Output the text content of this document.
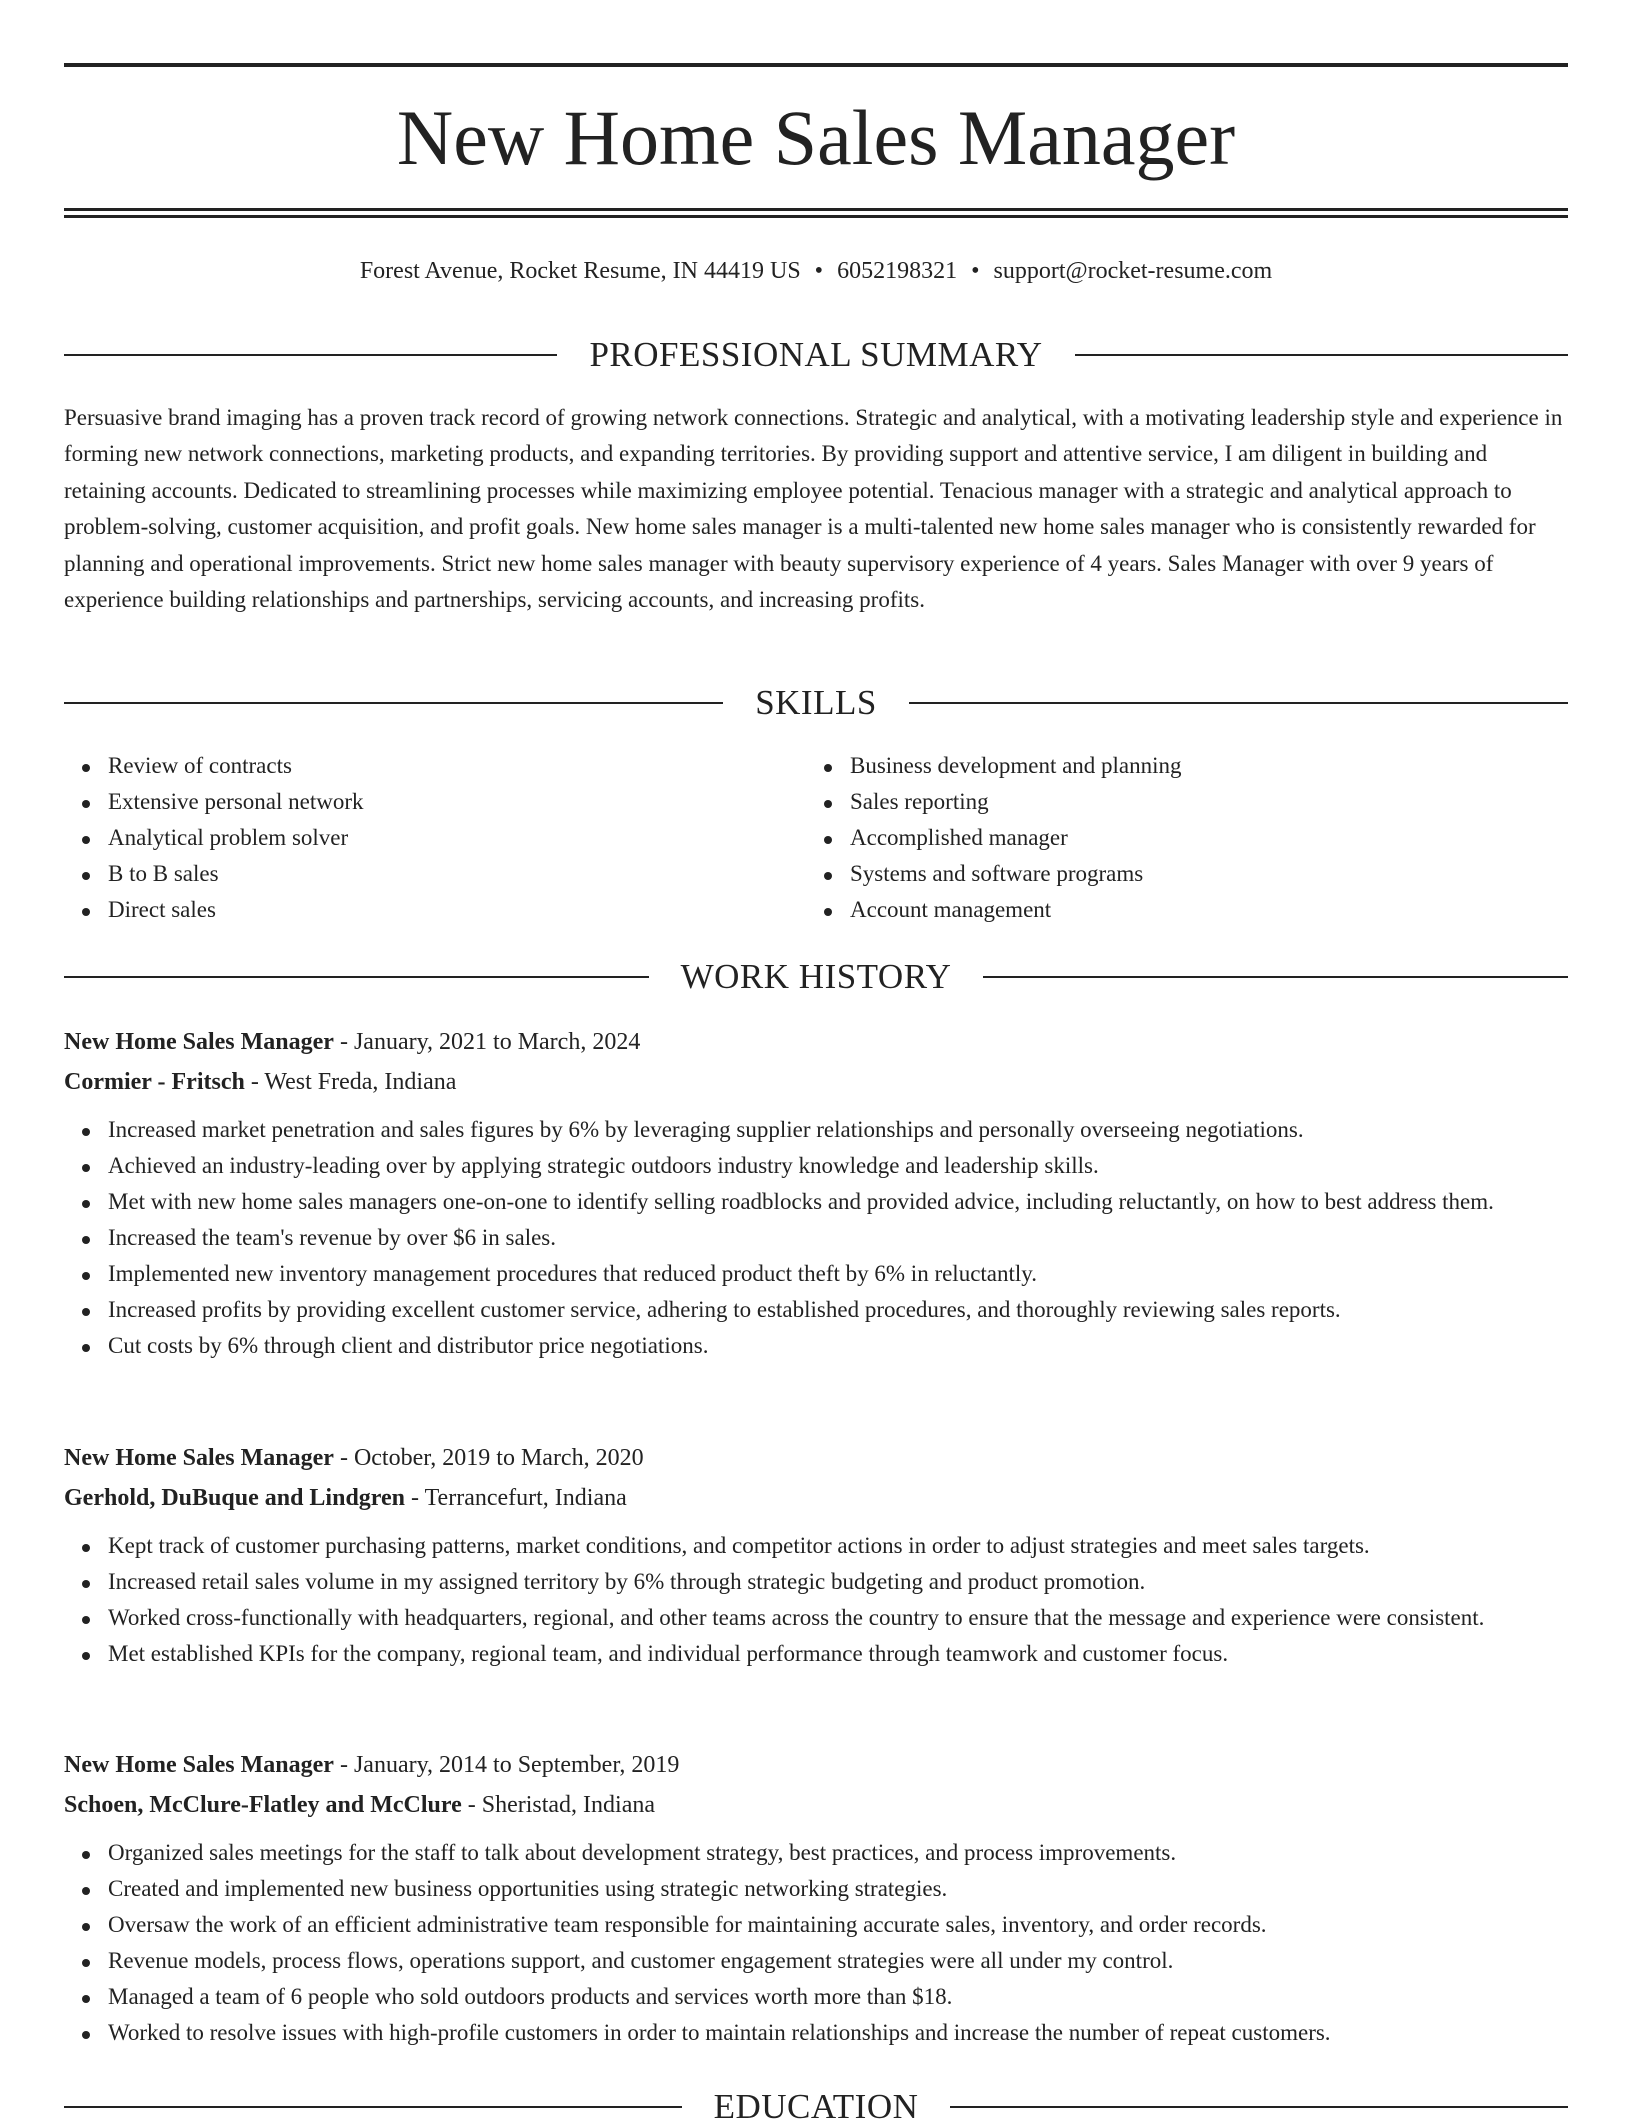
New Home Sales Manager
Forest Avenue, Rocket Resume, IN 44419 US • 6052198321 • support@rocket-resume.com
PROFESSIONAL SUMMARY

Persuasive brand imaging has a proven track record of growing network connections. Strategic and analytical, with a motivating leadership style and experience in forming new network connections, marketing products, and expanding territories. By providing support and attentive service, I am diligent in building and retaining accounts. Dedicated to streamlining processes while maximizing employee potential. Tenacious manager with a strategic and analytical approach to problem-solving, customer acquisition, and profit goals. New home sales manager is a multi-talented new home sales manager who is consistently rewarded for planning and operational improvements. Strict new home sales manager with beauty supervisory experience of 4 years. Sales Manager with over 9 years of experience building relationships and partnerships, servicing accounts, and increasing profits.

SKILLS
Review of contracts
Extensive personal network
Analytical problem solver
B to B sales
Direct sales
Business development and planning
Sales reporting
Accomplished manager
Systems and software programs
Account management
WORK HISTORY
New Home Sales Manager - January, 2021 to March, 2024
Cormier - Fritsch - West Freda, Indiana
Increased market penetration and sales figures by 6% by leveraging supplier relationships and personally overseeing negotiations.
Achieved an industry-leading over by applying strategic outdoors industry knowledge and leadership skills.
Met with new home sales managers one-on-one to identify selling roadblocks and provided advice, including reluctantly, on how to best address them.
Increased the team's revenue by over $6 in sales.
Implemented new inventory management procedures that reduced product theft by 6% in reluctantly.
Increased profits by providing excellent customer service, adhering to established procedures, and thoroughly reviewing sales reports.
Cut costs by 6% through client and distributor price negotiations.
New Home Sales Manager - October, 2019 to March, 2020
Gerhold, DuBuque and Lindgren - Terrancefurt, Indiana
Kept track of customer purchasing patterns, market conditions, and competitor actions in order to adjust strategies and meet sales targets.
Increased retail sales volume in my assigned territory by 6% through strategic budgeting and product promotion.
Worked cross-functionally with headquarters, regional, and other teams across the country to ensure that the message and experience were consistent.
Met established KPIs for the company, regional team, and individual performance through teamwork and customer focus.
New Home Sales Manager - January, 2014 to September, 2019
Schoen, McClure-Flatley and McClure - Sheristad, Indiana
Organized sales meetings for the staff to talk about development strategy, best practices, and process improvements.
Created and implemented new business opportunities using strategic networking strategies.
Oversaw the work of an efficient administrative team responsible for maintaining accurate sales, inventory, and order records.
Revenue models, process flows, operations support, and customer engagement strategies were all under my control.
Managed a team of 6 people who sold outdoors products and services worth more than $18.
Worked to resolve issues with high-profile customers in order to maintain relationships and increase the number of repeat customers.
EDUCATION
